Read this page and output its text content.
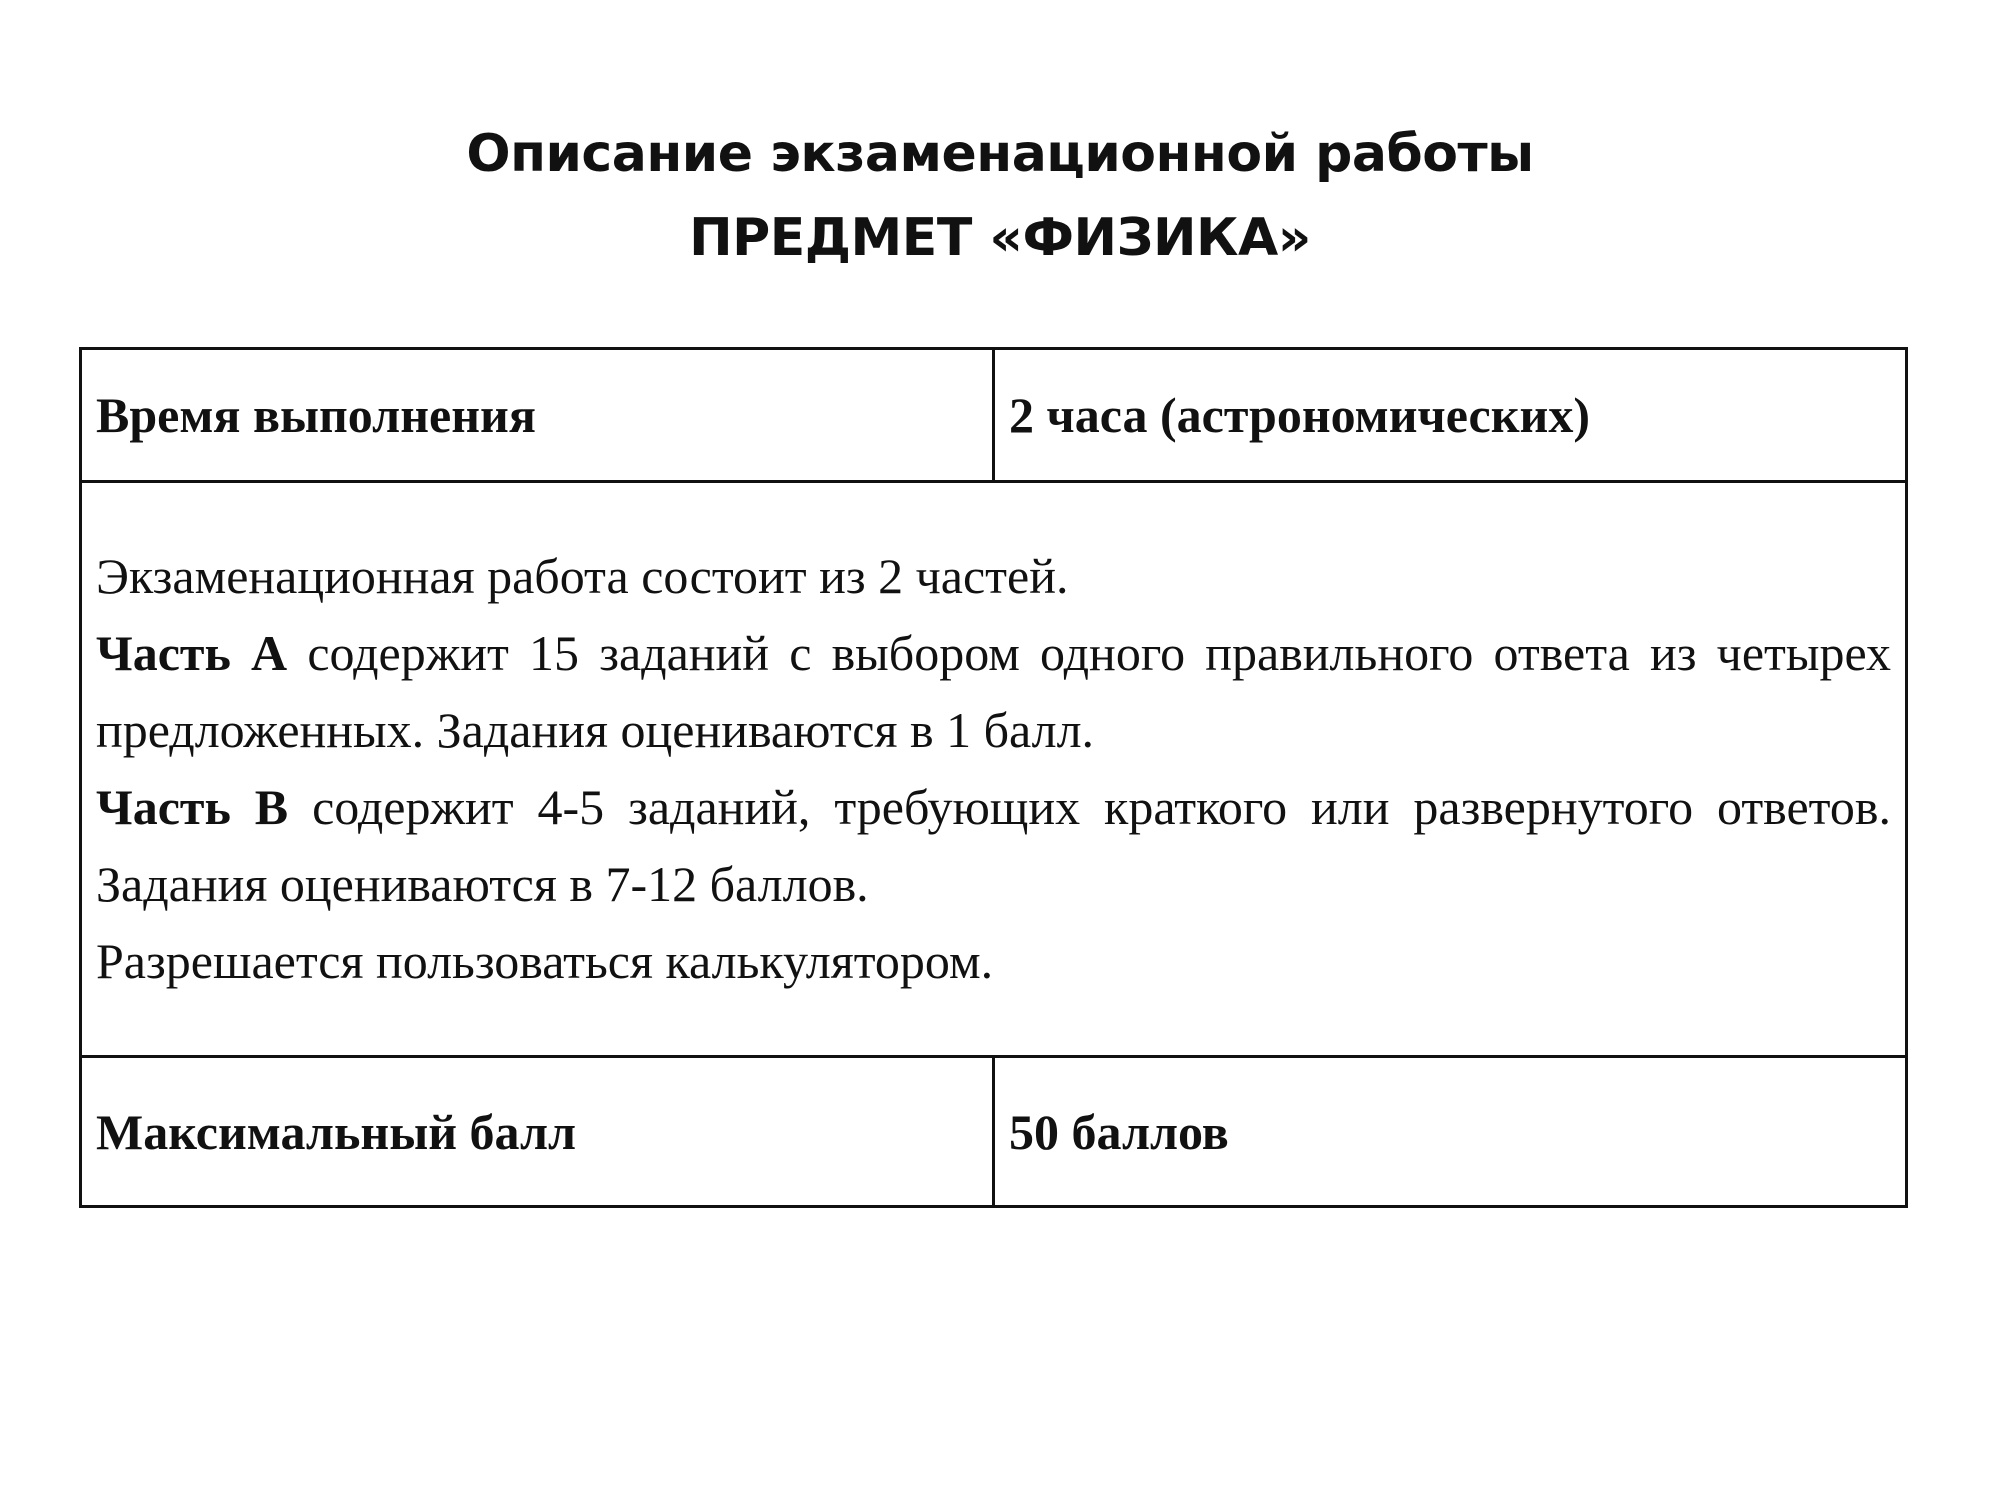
Описание экзаменационной работы
ПРЕДМЕТ «ФИЗИКА»
Время выполнения	2 часа (астрономических)

Экзаменационная работа состоит из 2 частей.
Часть А содержит 15 заданий с выбором одного правильного ответа из четырех предложенных. Задания оцениваются в 1 балл.
Часть В содержит 4-5 заданий, требующих краткого или развернутого ответов. Задания оцениваются в 7-12 баллов.
Разрешается пользоваться калькулятором.	

Максимальный балл	50 баллов
